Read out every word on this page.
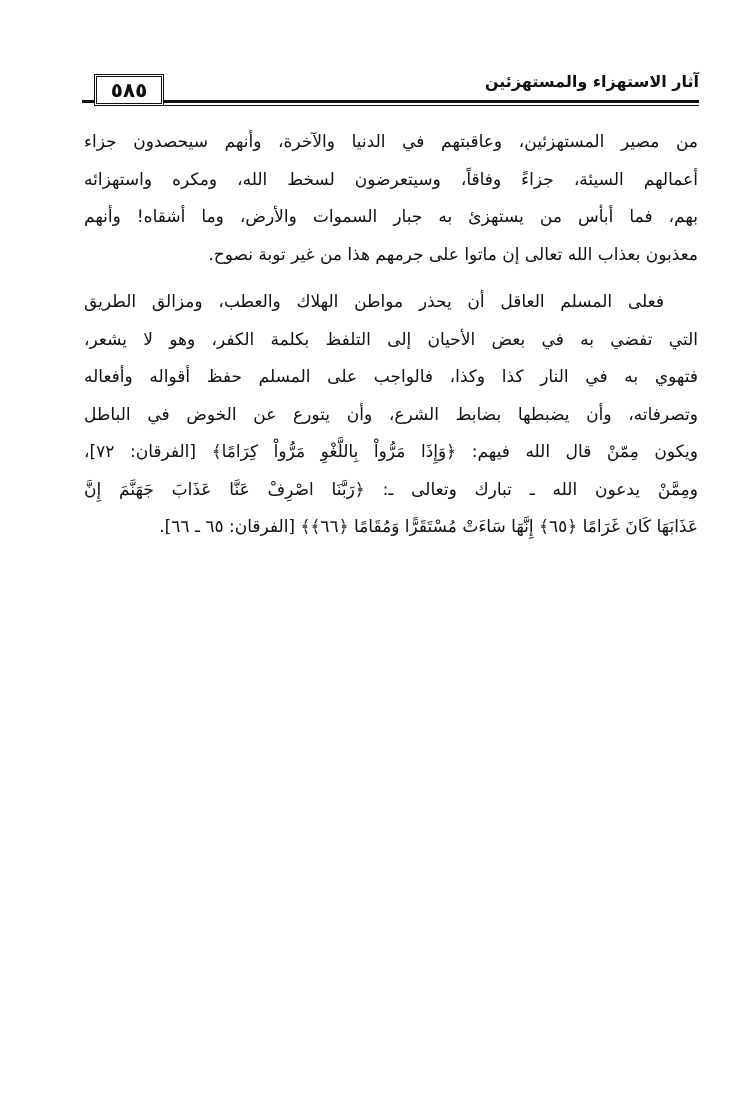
٥٨٥	آثار الاستهزاء والمستهزئين

من مصير المستهزئين، وعاقبتهم في الدنيا والآخرة، وأنهم سيحصدون جزاء
أعمالهم السيئة، جزاءً وفاقاً، وسيتعرضون لسخط الله، ومكره واستهزائه
بهم، فما أبأس من يستهزئ به جبار السموات والأرض، وما أشقاه! وأنهم
معذبون بعذاب الله تعالى إن ماتوا على جرمهم هذا من غير توبة نصوح.

فعلى المسلم العاقل أن يحذر مواطن الهلاك والعطب، ومزالق الطريق
التي تفضي به في بعض الأحيان إلى التلفظ بكلمة الكفر، وهو لا يشعر،
فتهوي به في النار كذا وكذا، فالواجب على المسلم حفظ أقواله وأفعاله
وتصرفاته، وأن يضبطها بضابط الشرع، وأن يتورع عن الخوض في الباطل
ويكون مِمّنْ قال الله فيهم: ﴿وَإِذَا مَرُّواْ بِاللَّغْوِ مَرُّواْ كِرَامًا﴾ [الفرقان: ٧٢]،
ومِمَّنْ يدعون الله ـ تبارك وتعالى ـ: ﴿رَبَّنَا اصْرِفْ عَنَّا عَذَابَ جَهَنَّمَ إِنَّ
عَذَابَهَا كَانَ غَرَامًا ﴿٦٥﴾ إِنَّهَا سَاءَتْ مُسْتَقَرًّا وَمُقَامًا ﴿٦٦﴾﴾ [الفرقان: ٦٥ ـ ٦٦].
